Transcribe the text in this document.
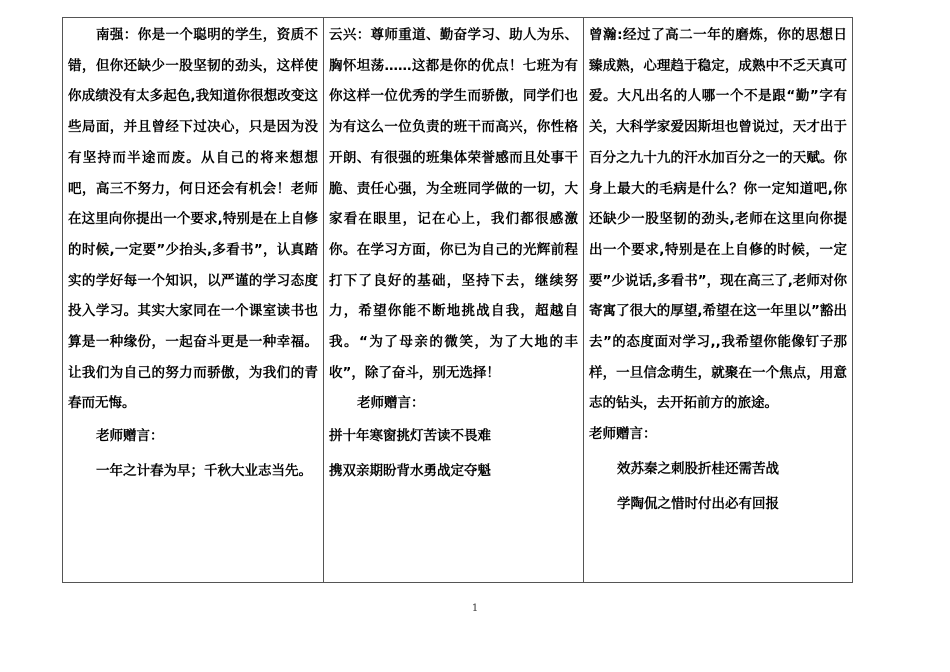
南强：你是一个聪明的学生，资质不错，但你还缺少一股坚韧的劲头，这样使你成绩没有太多起色,我知道你很想改变这些局面，并且曾经下过决心，只是因为没有坚持而半途而废。从自己的将来想想吧，高三不努力，何日还会有机会！老师在这里向你提出一个要求,特别是在上自修的时候,一定要”少抬头,多看书”，认真踏实的学好每一个知识，以严谨的学习态度投入学习。其实大家同在一个课室读书也算是一种缘份，一起奋斗更是一种幸福。让我们为自己的努力而骄傲，为我们的青春而无悔。

老师赠言：

一年之计春为早；千秋大业志当先。

云兴：尊师重道、勤奋学习、助人为乐、胸怀坦荡……这都是你的优点！七班为有你这样一位优秀的学生而骄傲，同学们也为有这么一位负责的班干而高兴，你性格开朗、有很强的班集体荣誉感而且处事干脆、责任心强，为全班同学做的一切，大家看在眼里，记在心上，我们都很感激你。在学习方面，你已为自己的光辉前程打下了良好的基础，坚持下去，继续努力，希望你能不断地挑战自我，超越自我。“为了母亲的微笑，为了大地的丰收”，除了奋斗，别无选择！

老师赠言：

拼十年寒窗挑灯苦读不畏难

携双亲期盼背水勇战定夺魁

曾瀚:经过了高二一年的磨炼，你的思想日臻成熟，心理趋于稳定，成熟中不乏天真可爱。大凡出名的人哪一个不是跟“勤”字有关，大科学家爱因斯坦也曾说过，天才出于百分之九十九的汗水加百分之一的天赋。你身上最大的毛病是什么？你一定知道吧,你还缺少一股坚韧的劲头,老师在这里向你提出一个要求,特别是在上自修的时候，一定要”少说话,多看书”，现在高三了,老师对你寄寓了很大的厚望,希望在这一年里以”豁出去”的态度面对学习,,我希望你能像钉子那样，一旦信念萌生，就聚在一个焦点，用意志的钻头，去开拓前方的旅途。

老师赠言：

效苏秦之刺股折桂还需苦战

学陶侃之惜时付出必有回报

1
